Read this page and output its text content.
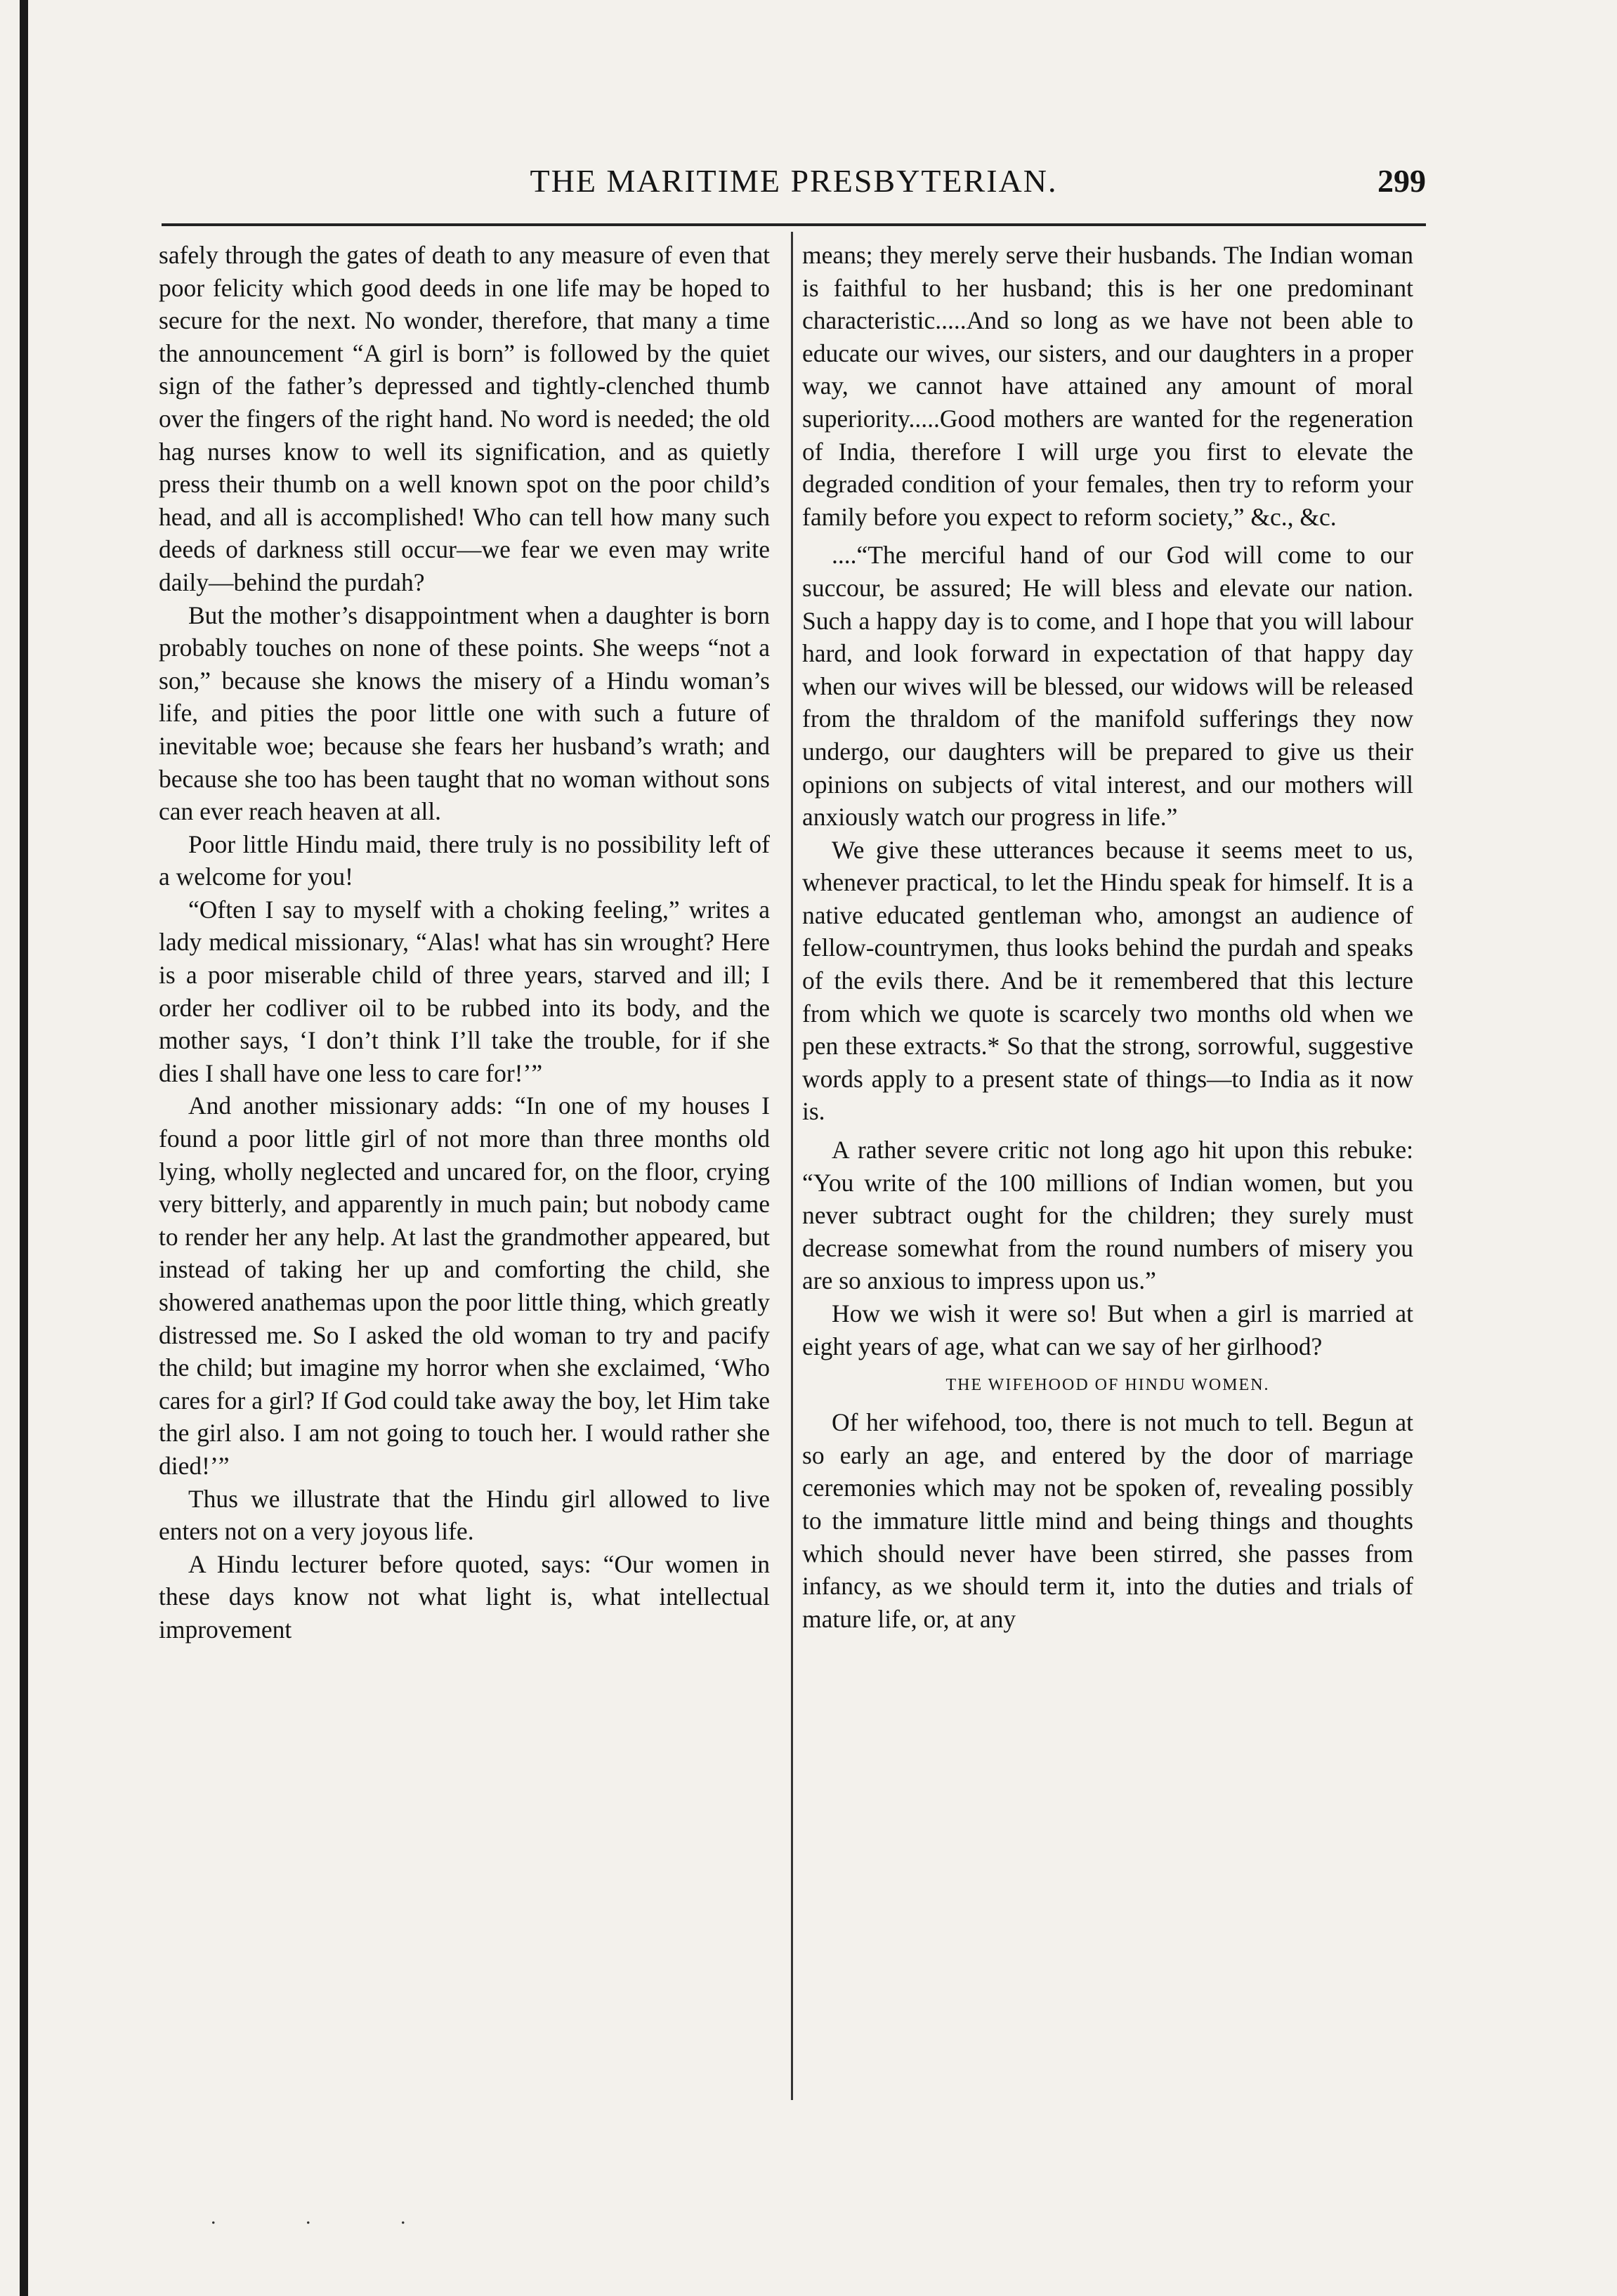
THE MARITIME PRESBYTERIAN.	299

safely through the gates of death to any measure of even that poor felicity which good deeds in one life may be hoped to secure for the next. No wonder, therefore, that many a time the announcement “A girl is born” is followed by the quiet sign of the father’s depressed and tightly-clenched thumb over the fingers of the right hand. No word is needed; the old hag nurses know to well its signification, and as quietly press their thumb on a well known spot on the poor child’s head, and all is accomplished! Who can tell how many such deeds of darkness still occur—we fear we even may write daily—behind the purdah?

But the mother’s disappointment when a daughter is born probably touches on none of these points. She weeps “not a son,” because she knows the misery of a Hindu woman’s life, and pities the poor little one with such a future of inevitable woe; because she fears her husband’s wrath; and because she too has been taught that no woman without sons can ever reach heaven at all.

Poor little Hindu maid, there truly is no possibility left of a welcome for you!

“Often I say to myself with a choking feeling,” writes a lady medical missionary, “Alas! what has sin wrought? Here is a poor miserable child of three years, starved and ill; I order her codliver oil to be rubbed into its body, and the mother says, ‘I don’t think I’ll take the trouble, for if she dies I shall have one less to care for!’”

And another missionary adds: “In one of my houses I found a poor little girl of not more than three months old lying, wholly neglected and uncared for, on the floor, crying very bitterly, and apparently in much pain; but nobody came to render her any help. At last the grandmother appeared, but instead of taking her up and comforting the child, she showered anathemas upon the poor little thing, which greatly distressed me. So I asked the old woman to try and pacify the child; but imagine my horror when she exclaimed, ‘Who cares for a girl? If God could take away the boy, let Him take the girl also. I am not going to touch her. I would rather she died!’”

Thus we illustrate that the Hindu girl allowed to live enters not on a very joyous life.

A Hindu lecturer before quoted, says: “Our women in these days know not what light is, what intellectual improvement

means; they merely serve their husbands. The Indian woman is faithful to her husband; this is her one predominant characteristic.....And so long as we have not been able to educate our wives, our sisters, and our daughters in a proper way, we cannot have attained any amount of moral superiority.....Good mothers are wanted for the regeneration of India, therefore I will urge you first to elevate the degraded condition of your females, then try to reform your family before you expect to reform society,” &c., &c.

....“The merciful hand of our God will come to our succour, be assured; He will bless and elevate our nation. Such a happy day is to come, and I hope that you will labour hard, and look forward in expectation of that happy day when our wives will be blessed, our widows will be released from the thraldom of the manifold sufferings they now undergo, our daughters will be prepared to give us their opinions on subjects of vital interest, and our mothers will anxiously watch our progress in life.”

We give these utterances because it seems meet to us, whenever practical, to let the Hindu speak for himself. It is a native educated gentleman who, amongst an audience of fellow-countrymen, thus looks behind the purdah and speaks of the evils there. And be it remembered that this lecture from which we quote is scarcely two months old when we pen these extracts.* So that the strong, sorrowful, suggestive words apply to a present state of things—to India as it now is.

A rather severe critic not long ago hit upon this rebuke: “You write of the 100 millions of Indian women, but you never subtract ought for the children; they surely must decrease somewhat from the round numbers of misery you are so anxious to impress upon us.”

How we wish it were so! But when a girl is married at eight years of age, what can we say of her girlhood?

THE WIFEHOOD OF HINDU WOMEN.

Of her wifehood, too, there is not much to tell. Begun at so early an age, and entered by the door of marriage ceremonies which may not be spoken of, revealing possibly to the immature little mind and being things and thoughts which should never have been stirred, she passes from infancy, as we should term it, into the duties and trials of mature life, or, at any

. . .
